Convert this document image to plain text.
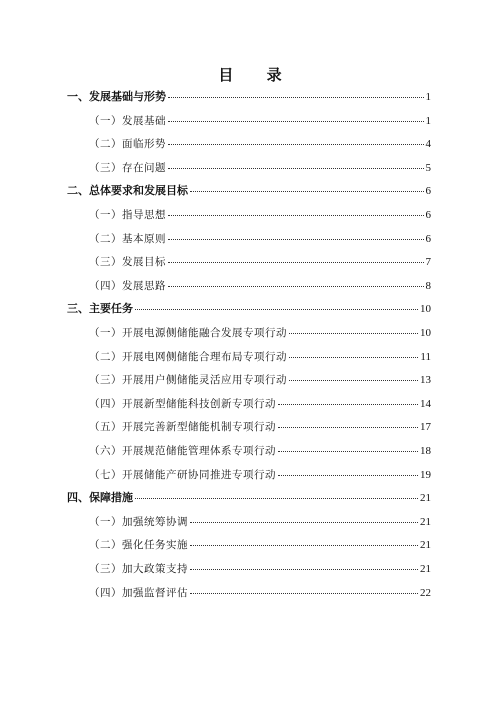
目 录
一、发展基础与形势	1
（一）发展基础	1
（二）面临形势	4
（三）存在问题	5
二、总体要求和发展目标	6
（一）指导思想	6
（二）基本原则	6
（三）发展目标	7
（四）发展思路	8
三、主要任务	10
（一）开展电源侧储能融合发展专项行动	10
（二）开展电网侧储能合理布局专项行动	11
（三）开展用户侧储能灵活应用专项行动	13
（四）开展新型储能科技创新专项行动	14
（五）开展完善新型储能机制专项行动	17
（六）开展规范储能管理体系专项行动	18
（七）开展储能产研协同推进专项行动	19
四、保障措施	21
（一）加强统筹协调	21
（二）强化任务实施	21
（三）加大政策支持	21
（四）加强监督评估	22
